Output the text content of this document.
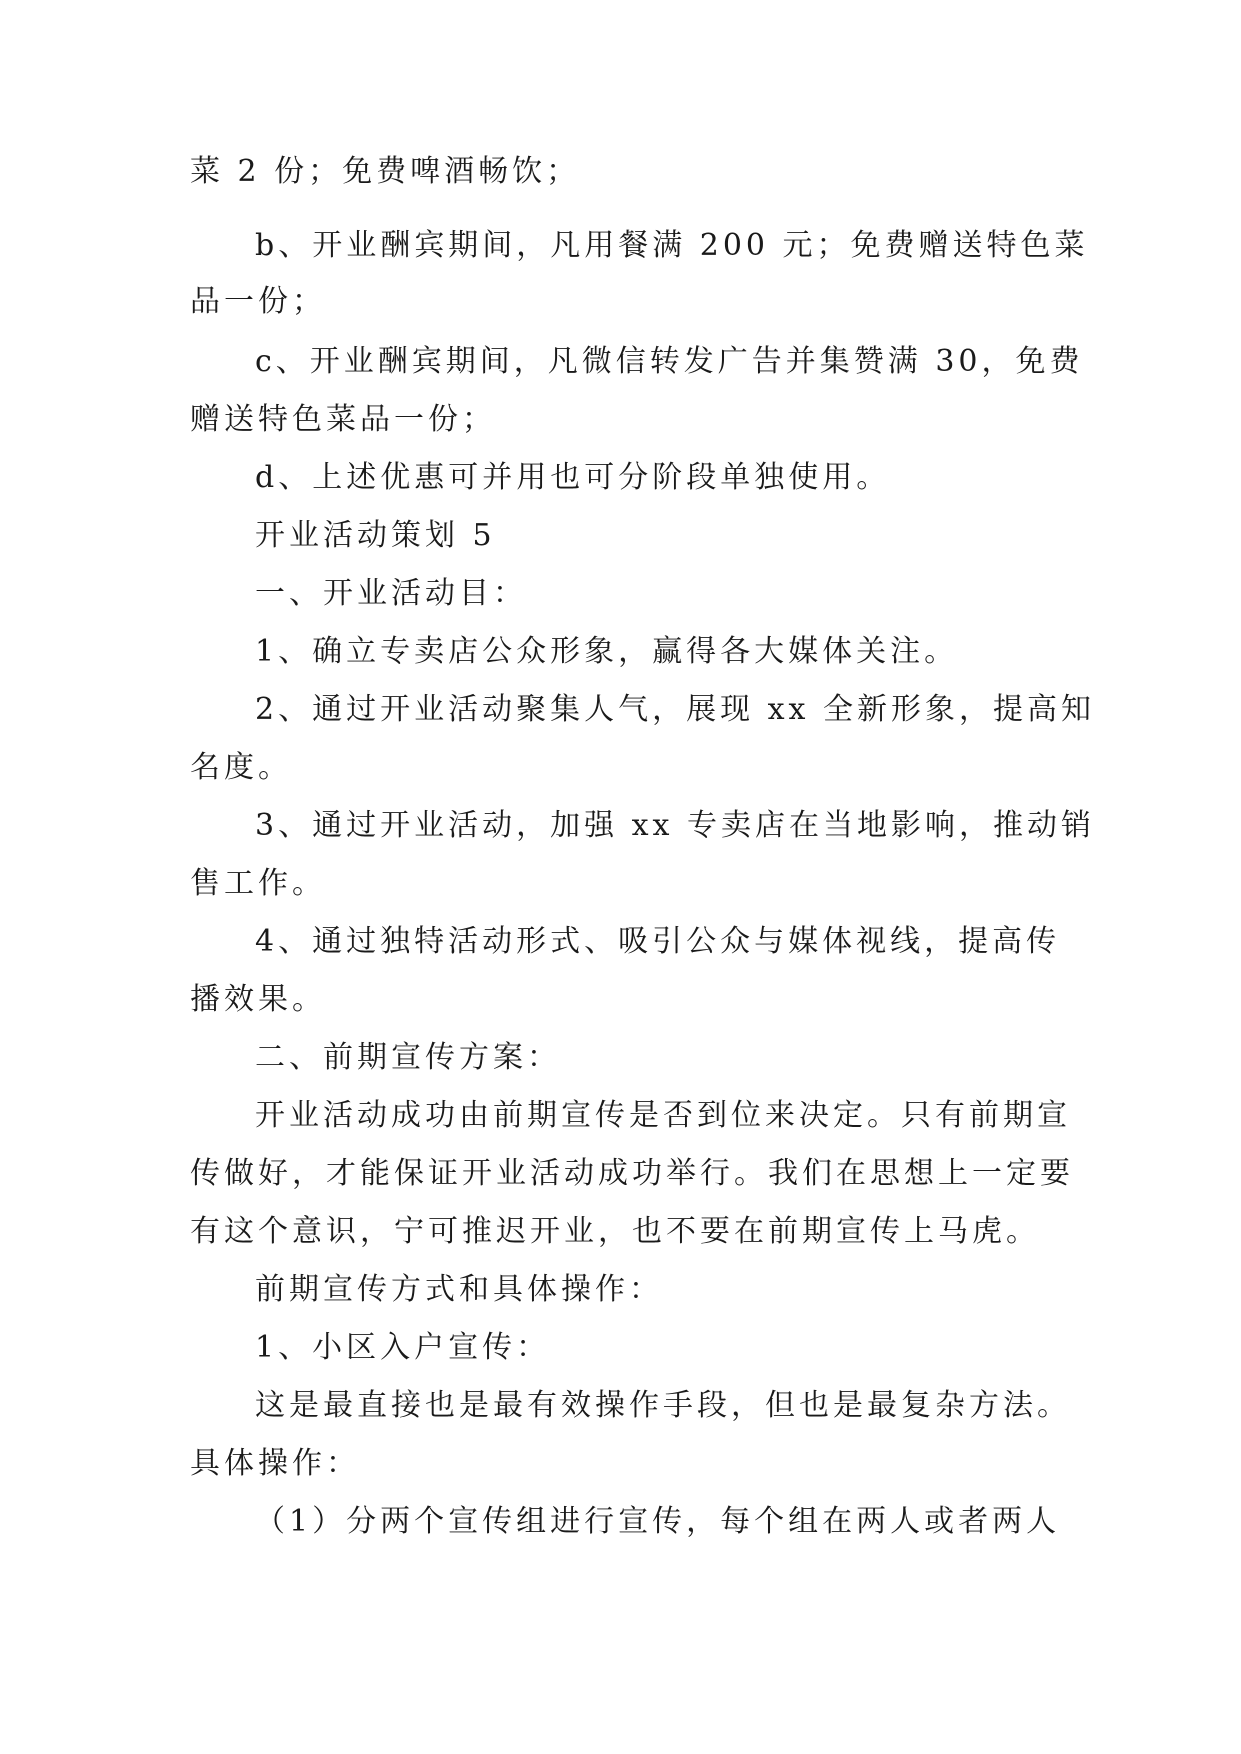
菜 2 份；免费啤酒畅饮；
b、开业酬宾期间，凡用餐满 200 元；免费赠送特色菜
品一份；
c、开业酬宾期间，凡微信转发广告并集赞满 30，免费
赠送特色菜品一份；
d、上述优惠可并用也可分阶段单独使用。
开业活动策划 5
一、开业活动目：
1、确立专卖店公众形象，赢得各大媒体关注。
2、通过开业活动聚集人气，展现 xx 全新形象，提高知
名度。
3、通过开业活动，加强 xx 专卖店在当地影响，推动销
售工作。
4、通过独特活动形式、吸引公众与媒体视线，提高传
播效果。
二、前期宣传方案：
开业活动成功由前期宣传是否到位来决定。只有前期宣
传做好，才能保证开业活动成功举行。我们在思想上一定要
有这个意识，宁可推迟开业，也不要在前期宣传上马虎。
前期宣传方式和具体操作：
1、小区入户宣传：
这是最直接也是最有效操作手段，但也是最复杂方法。
具体操作：
（1）分两个宣传组进行宣传，每个组在两人或者两人
